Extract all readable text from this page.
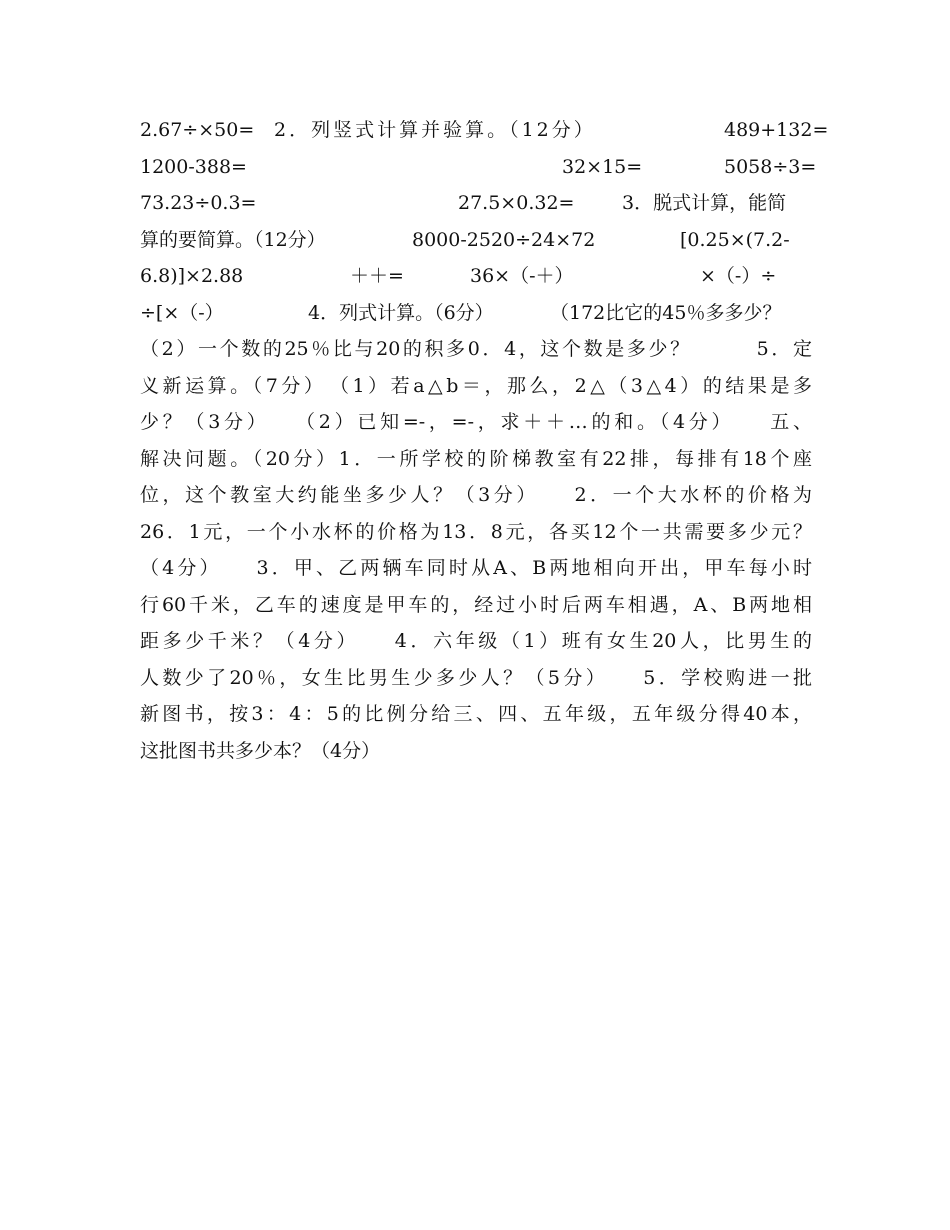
2.67÷×50= 2．列竖式计算并验算。（12分）	489+132=
1200-388=	32×15=	5058÷3=
73.23÷0.3=	27.5×0.32=	3．脱式计算，能简
算的要简算。（12分）	8000-2520÷24×72	[0.25×(7.2-
6.8)]×2.88	＋＋=	36×（-＋）	×（-）÷
÷[×（-）	4．列式计算。（6分）	（172比它的45％多多少？
（2）一个数的25％比与20的积多0．4，这个数是多少？　　　5．定
义新运算。（7分）　（1）若a△b＝，那么，2△（3△4）的结果是多
少？（3分）　　（2）已知=-，=-，求＋＋…的和。（4分）　　五、
解决问题。（20分）1．一所学校的阶梯教室有22排，每排有18个座
位，这个教室大约能坐多少人？（3分）　　2．一个大水杯的价格为
26．1元，一个小水杯的价格为13．8元，各买12个一共需要多少元？
（4分）　　3．甲、乙两辆车同时从A、B两地相向开出，甲车每小时
行60千米，乙车的速度是甲车的，经过小时后两车相遇，A、B两地相
距多少千米？（4分）　　4．六年级（1）班有女生20人，比男生的
人数少了20％，女生比男生少多少人？（5分）　　5．学校购进一批
新图书，按3：4：5的比例分给三、四、五年级，五年级分得40本，
这批图书共多少本？（4分）
